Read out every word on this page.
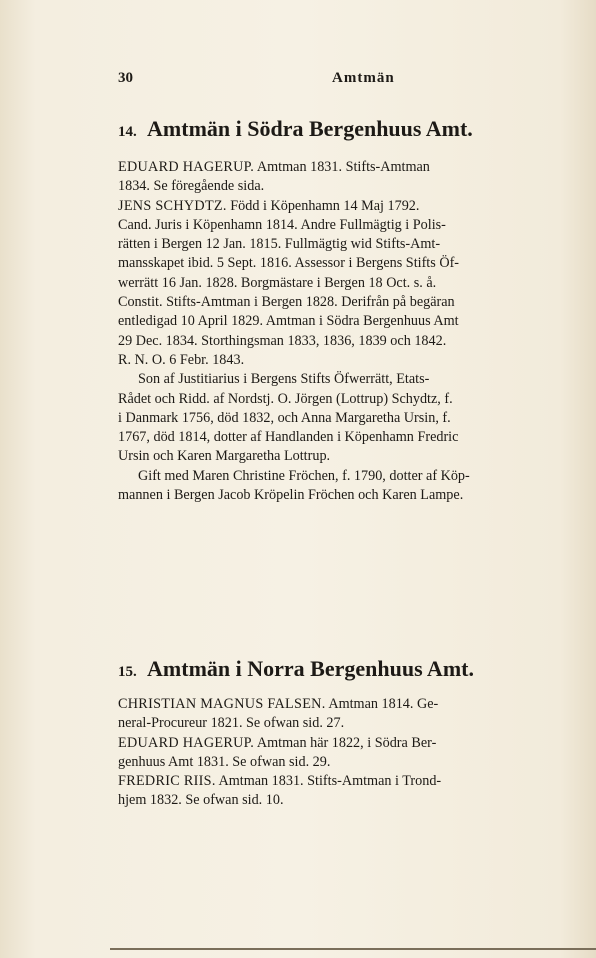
30	Amtmän
14. Amtmän i Södra Bergenhuus Amt.
EDUARD HAGERUP. Amtman 1831. Stifts-Amtman
1834. Se föregående sida.
JENS SCHYDTZ. Född i Köpenhamn 14 Maj 1792.
Cand. Juris i Köpenhamn 1814. Andre Fullmägtig i Polis-
rätten i Bergen 12 Jan. 1815. Fullmägtig wid Stifts-Amt-
mansskapet ibid. 5 Sept. 1816. Assessor i Bergens Stifts Öf-
werrätt 16 Jan. 1828. Borgmästare i Bergen 18 Oct. s. å.
Constit. Stifts-Amtman i Bergen 1828. Derifrån på begäran
entledigad 10 April 1829. Amtman i Södra Bergenhuus Amt
29 Dec. 1834. Storthingsman 1833, 1836, 1839 och 1842.
R. N. O. 6 Febr. 1843.
Son af Justitiarius i Bergens Stifts Öfwerrätt, Etats-
Rådet och Ridd. af Nordstj. O. Jörgen (Lottrup) Schydtz, f.
i Danmark 1756, död 1832, och Anna Margaretha Ursin, f.
1767, död 1814, dotter af Handlanden i Köpenhamn Fredric
Ursin och Karen Margaretha Lottrup.
Gift med Maren Christine Fröchen, f. 1790, dotter af Köp-
mannen i Bergen Jacob Kröpelin Fröchen och Karen Lampe.
15. Amtmän i Norra Bergenhuus Amt.
CHRISTIAN MAGNUS FALSEN. Amtman 1814. Ge-
neral-Procureur 1821. Se ofwan sid. 27.
EDUARD HAGERUP. Amtman här 1822, i Södra Ber-
genhuus Amt 1831. Se ofwan sid. 29.
FREDRIC RIIS. Amtman 1831. Stifts-Amtman i Trond-
hjem 1832. Se ofwan sid. 10.
